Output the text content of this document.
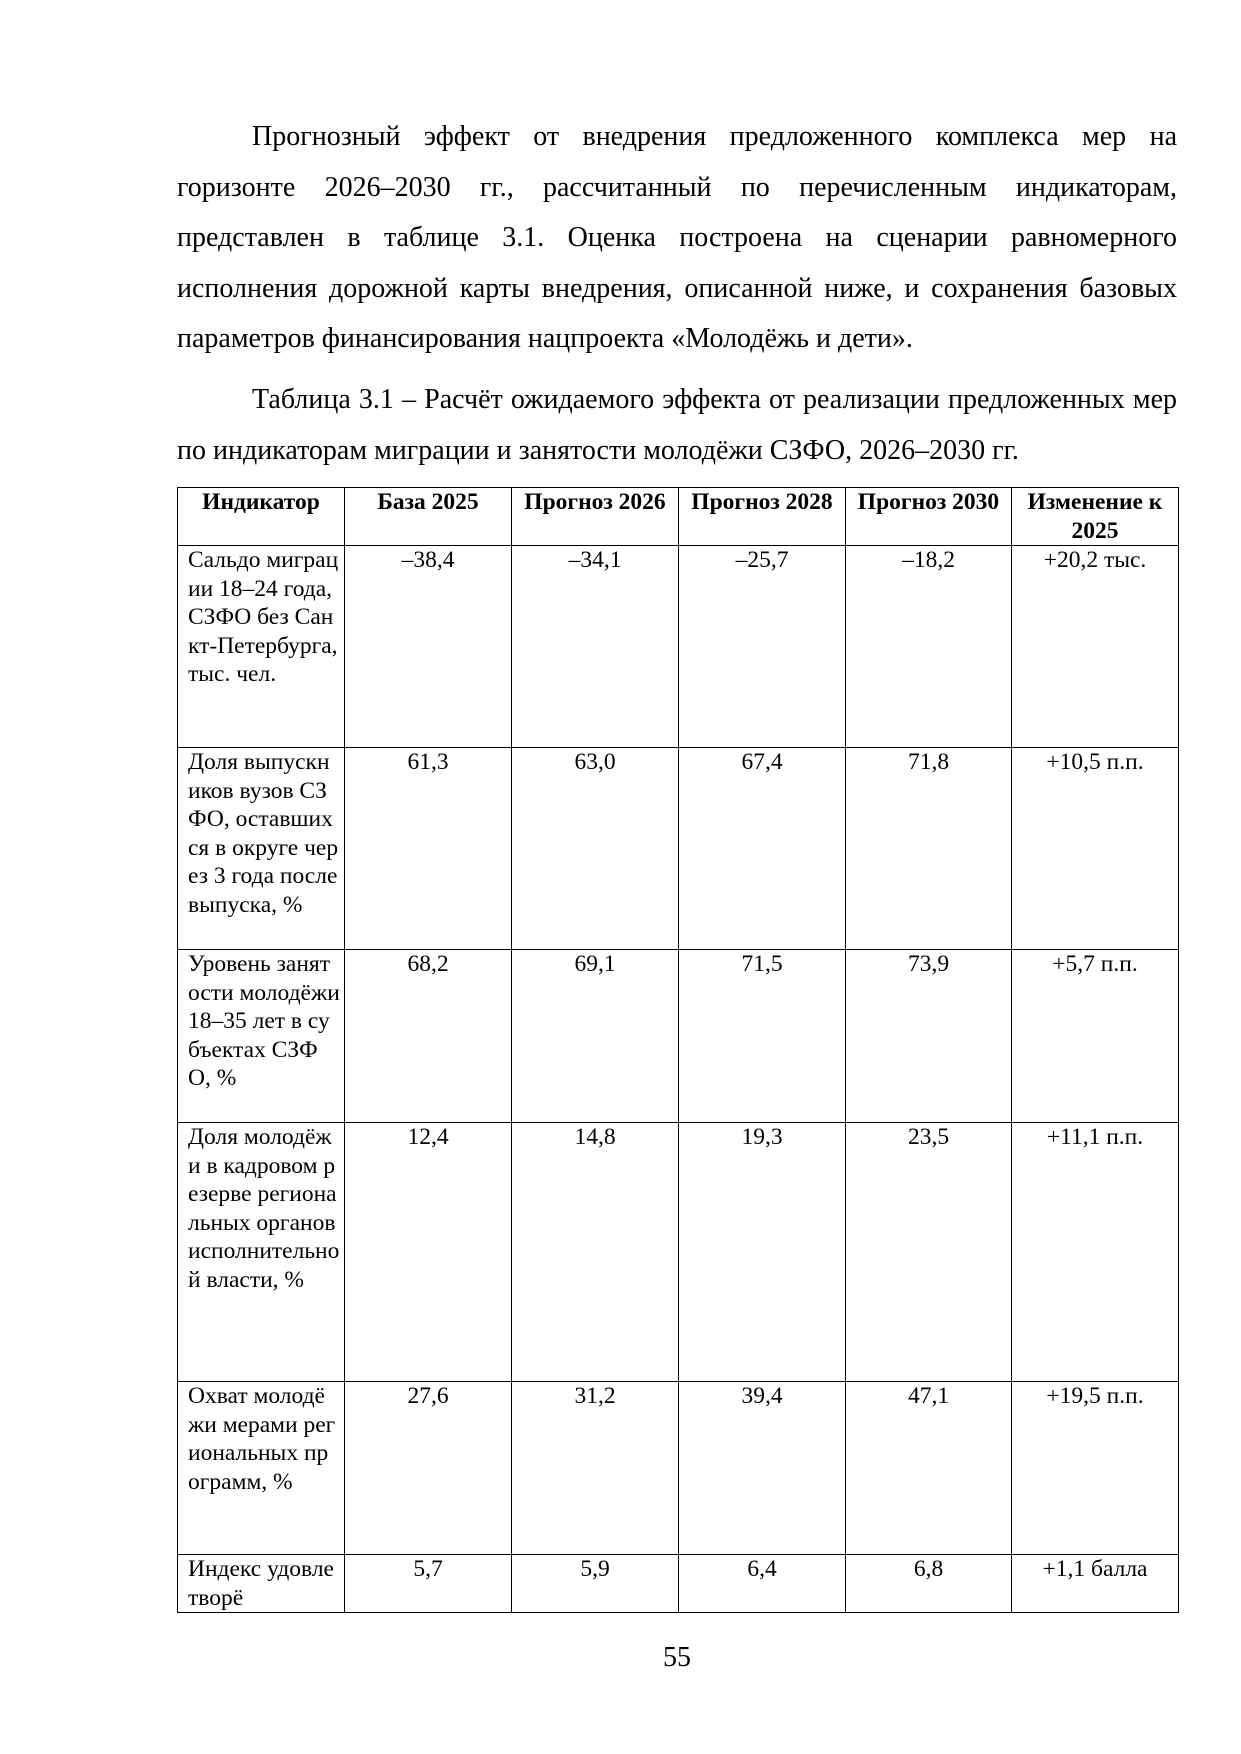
Прогнозный эффект от внедрения предложенного комплекса мер на горизонте 2026–2030 гг., рассчитанный по перечисленным индикаторам, представлен в таблице 3.1. Оценка построена на сценарии равномерного исполнения дорожной карты внедрения, описанной ниже, и сохранения базовых параметров финансирования нацпроекта «Молодёжь и дети».

Таблица 3.1 – Расчёт ожидаемого эффекта от реализации предложенных мер по индикаторам миграции и занятости молодёжи СЗФО, 2026–2030 гг.

Индикатор	База 2025	Прогноз 2026	Прогноз 2028	Прогноз 2030	Изменение к 2025
Сальдо миграции 18–24 года, СЗФО без Санкт-Петербурга, тыс. чел.	–38,4	–34,1	–25,7	–18,2	+20,2 тыс.
Доля выпускников вузов СЗФО, оставшихся в округе через 3 года после выпуска, %	61,3	63,0	67,4	71,8	+10,5 п.п.
Уровень занятости молодёжи 18–35 лет в субъектах СЗФО, %	68,2	69,1	71,5	73,9	+5,7 п.п.
Доля молодёжи в кадровом резерве региональных органов исполнительной власти, %	12,4	14,8	19,3	23,5	+11,1 п.п.
Охват молодёжи мерами региональных программ, %	27,6	31,2	39,4	47,1	+19,5 п.п.
Индекс удовлетворё	5,7	5,9	6,4	6,8	+1,1 балла
55
